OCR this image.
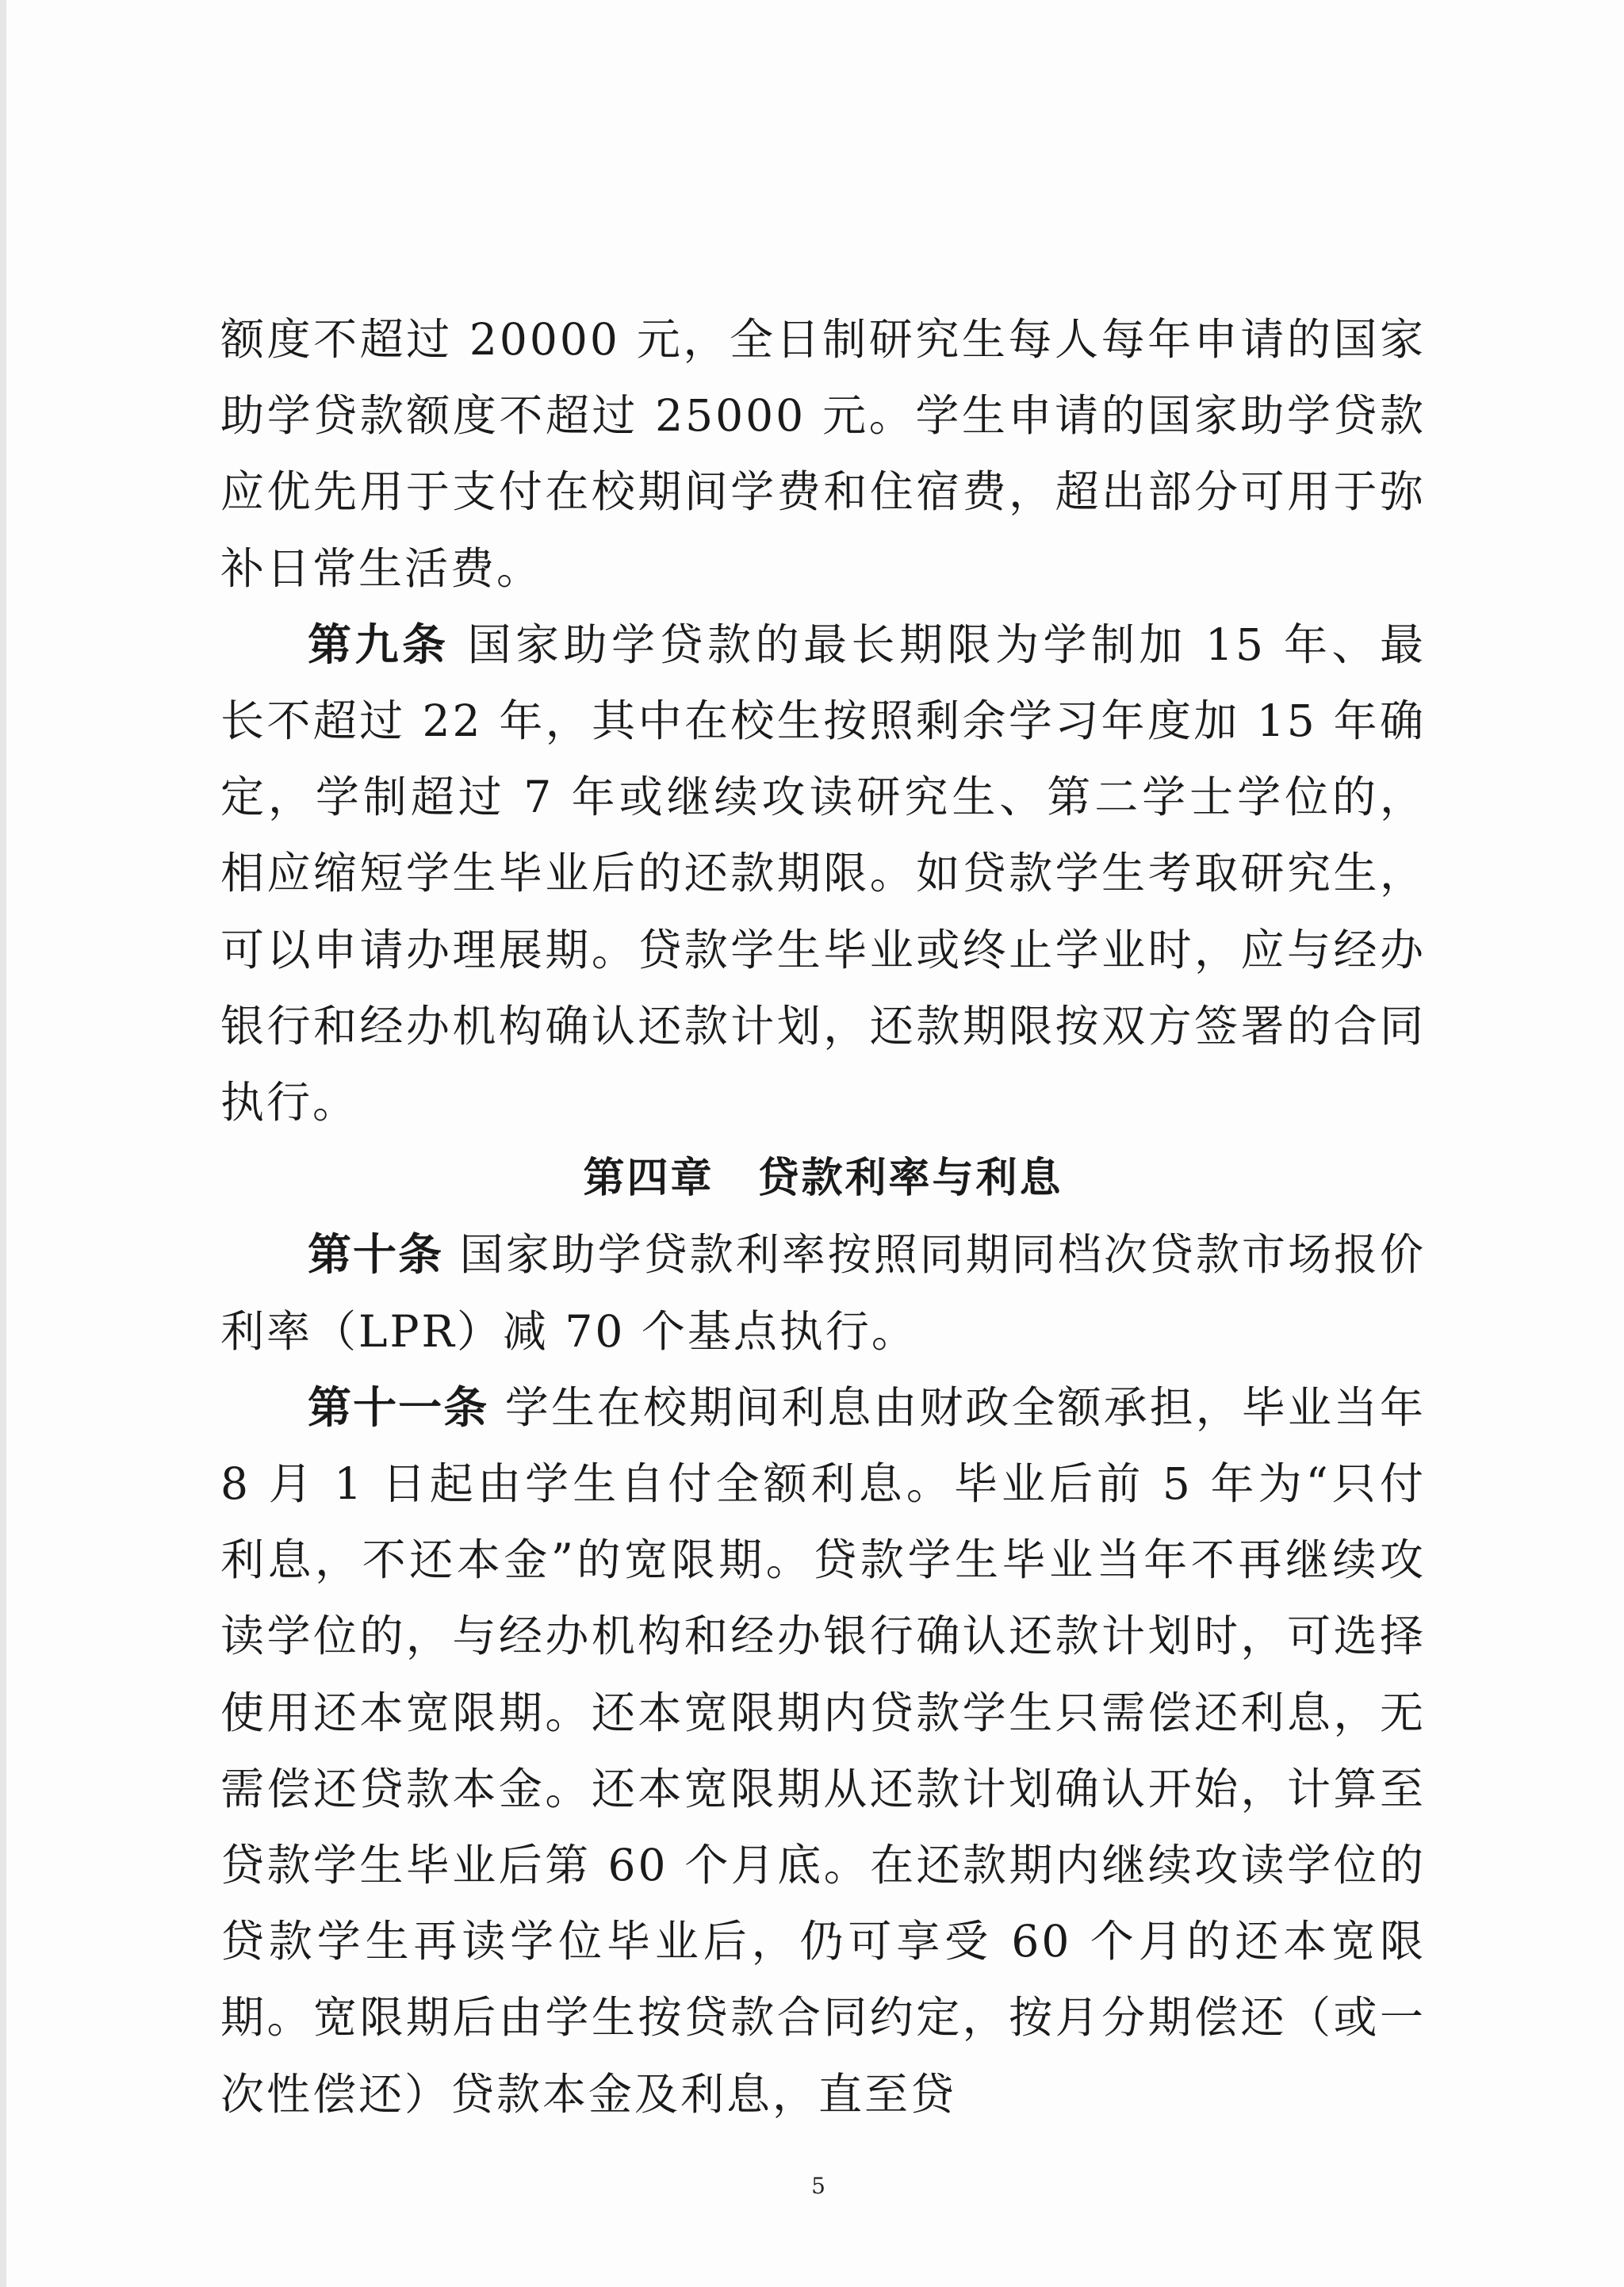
额度不超过 20000 元，全日制研究生每人每年申请的国家助学贷款额度不超过 25000 元。学生申请的国家助学贷款应优先用于支付在校期间学费和住宿费，超出部分可用于弥补日常生活费。

第九条 国家助学贷款的最长期限为学制加 15 年、最长不超过 22 年，其中在校生按照剩余学习年度加 15 年确定，学制超过 7 年或继续攻读研究生、第二学士学位的，相应缩短学生毕业后的还款期限。如贷款学生考取研究生，可以申请办理展期。贷款学生毕业或终止学业时，应与经办银行和经办机构确认还款计划，还款期限按双方签署的合同执行。

第四章　贷款利率与利息

第十条 国家助学贷款利率按照同期同档次贷款市场报价利率（LPR）减 70 个基点执行。

第十一条 学生在校期间利息由财政全额承担，毕业当年 8 月 1 日起由学生自付全额利息。毕业后前 5 年为“只付利息，不还本金”的宽限期。贷款学生毕业当年不再继续攻读学位的，与经办机构和经办银行确认还款计划时，可选择使用还本宽限期。还本宽限期内贷款学生只需偿还利息，无需偿还贷款本金。还本宽限期从还款计划确认开始，计算至贷款学生毕业后第 60 个月底。在还款期内继续攻读学位的贷款学生再读学位毕业后，仍可享受 60 个月的还本宽限期。宽限期后由学生按贷款合同约定，按月分期偿还（或一次性偿还）贷款本金及利息，直至贷

5
